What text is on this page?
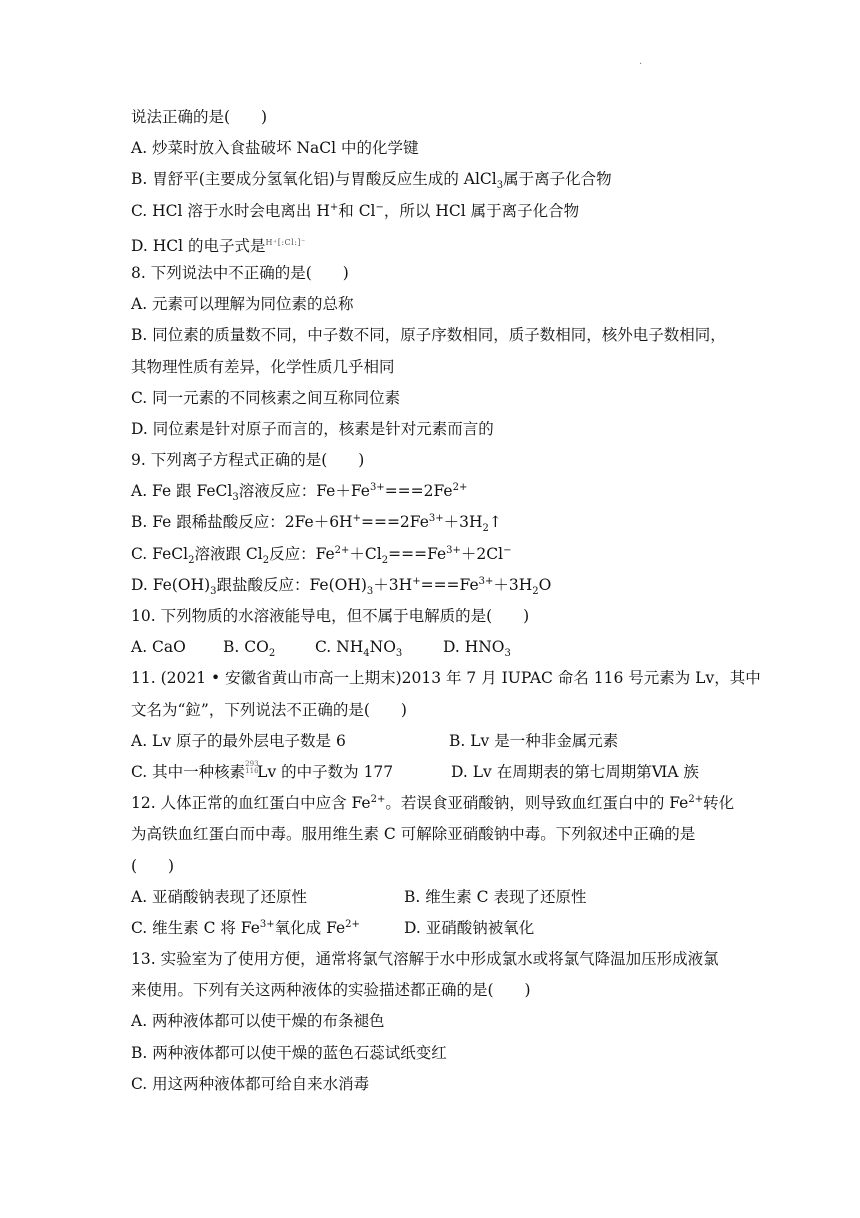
.
说法正确的是(　　)
A. 炒菜时放入食盐破坏 NaCl 中的化学键
B. 胃舒平(主要成分氢氧化铝)与胃酸反应生成的 AlCl$_3$属于离子化合物
C. HCl 溶于水时会电离出 H+和 Cl−，所以 HCl 属于离子化合物
D. HCl 的电子式是H⁺[:Cl:]⁻
8. 下列说法中不正确的是(　　)
A. 元素可以理解为同位素的总称
B. 同位素的质量数不同，中子数不同，原子序数相同，质子数相同，核外电子数相同，
其物理性质有差异，化学性质几乎相同
C. 同一元素的不同核素之间互称同位素
D. 同位素是针对原子而言的，核素是针对元素而言的
9. 下列离子方程式正确的是(　　)
A. Fe 跟 FeCl$_3$溶液反应：$Fe+Fe^{3+}===2Fe^{2+}$
B. Fe 跟稀盐酸反应：$2Fe+6H^+===2Fe^{3+}+3H_2↑$
C. FeCl$_2$溶液跟 $Cl_2$反应：$Fe^{2+}+Cl_2===Fe^{3+}+2Cl^-$
D. $Fe(OH)_3$跟盐酸反应：$Fe(OH)_3+3H^+===Fe^{3+}+3H_2O$
10. 下列物质的水溶液能导电，但不属于电解质的是(　　)
A. CaO	B. $CO_2$	C. $NH_4NO_3$	D. $HNO_3$
11. (2021 • 安徽省黄山市高一上期末)2013 年 7 月 IUPAC 命名 116 号元素为 Lv，其中
文名为“鉝”，下列说法不正确的是(　　)
A. Lv 原子的最外层电子数是 6	B. Lv 是一种非金属元素
C. 其中一种核素293
116Lv 的中子数为 177	D. Lv 在周期表的第七周期第ⅥA 族
12. 人体正常的血红蛋白中应含 $Fe^{2+}$。若误食亚硝酸钠，则导致血红蛋白中的 $Fe^{2+}$转化
为高铁血红蛋白而中毒。服用维生素 C 可解除亚硝酸钠中毒。下列叙述中正确的是
(　　)
A. 亚硝酸钠表现了还原性	B. 维生素 C 表现了还原性
C. 维生素 C 将 $Fe^{3+}$氧化成 $Fe^{2+}$	D. 亚硝酸钠被氧化
13. 实验室为了使用方便，通常将氯气溶解于水中形成氯水或将氯气降温加压形成液氯
来使用。下列有关这两种液体的实验描述都正确的是(　　)
A. 两种液体都可以使干燥的布条褪色
B. 两种液体都可以使干燥的蓝色石蕊试纸变红
C. 用这两种液体都可给自来水消毒
